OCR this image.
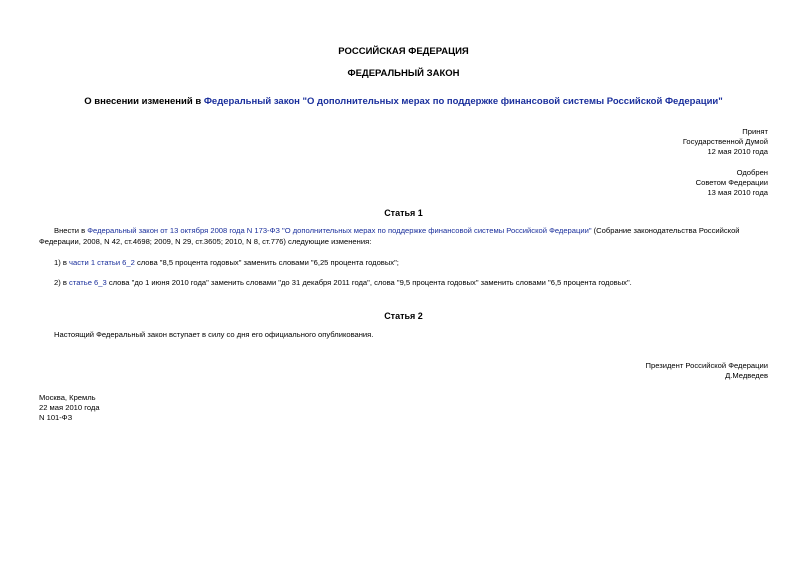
РОССИЙСКАЯ ФЕДЕРАЦИЯ
ФЕДЕРАЛЬНЫЙ ЗАКОН
О внесении изменений в Федеральный закон "О дополнительных мерах по поддержке финансовой системы Российской Федерации"
Принят
Государственной Думой
12 мая 2010 года
Одобрен
Советом Федерации
13 мая 2010 года
Статья 1
Внести в Федеральный закон от 13 октября 2008 года N 173-ФЗ "О дополнительных мерах по поддержке финансовой системы Российской Федерации" (Собрание законодательства Российской Федерации, 2008, N 42, ст.4698; 2009, N 29, ст.3605; 2010, N 8, ст.776) следующие изменения:
1) в части 1 статьи 6_2 слова "8,5 процента годовых" заменить словами "6,25 процента годовых";
2) в статье 6_3 слова "до 1 июня 2010 года" заменить словами "до 31 декабря 2011 года", слова "9,5 процента годовых" заменить словами "6,5 процента годовых".
Статья 2
Настоящий Федеральный закон вступает в силу со дня его официального опубликования.
Президент Российской Федерации
Д.Медведев
Москва, Кремль
22 мая 2010 года
N 101-ФЗ
